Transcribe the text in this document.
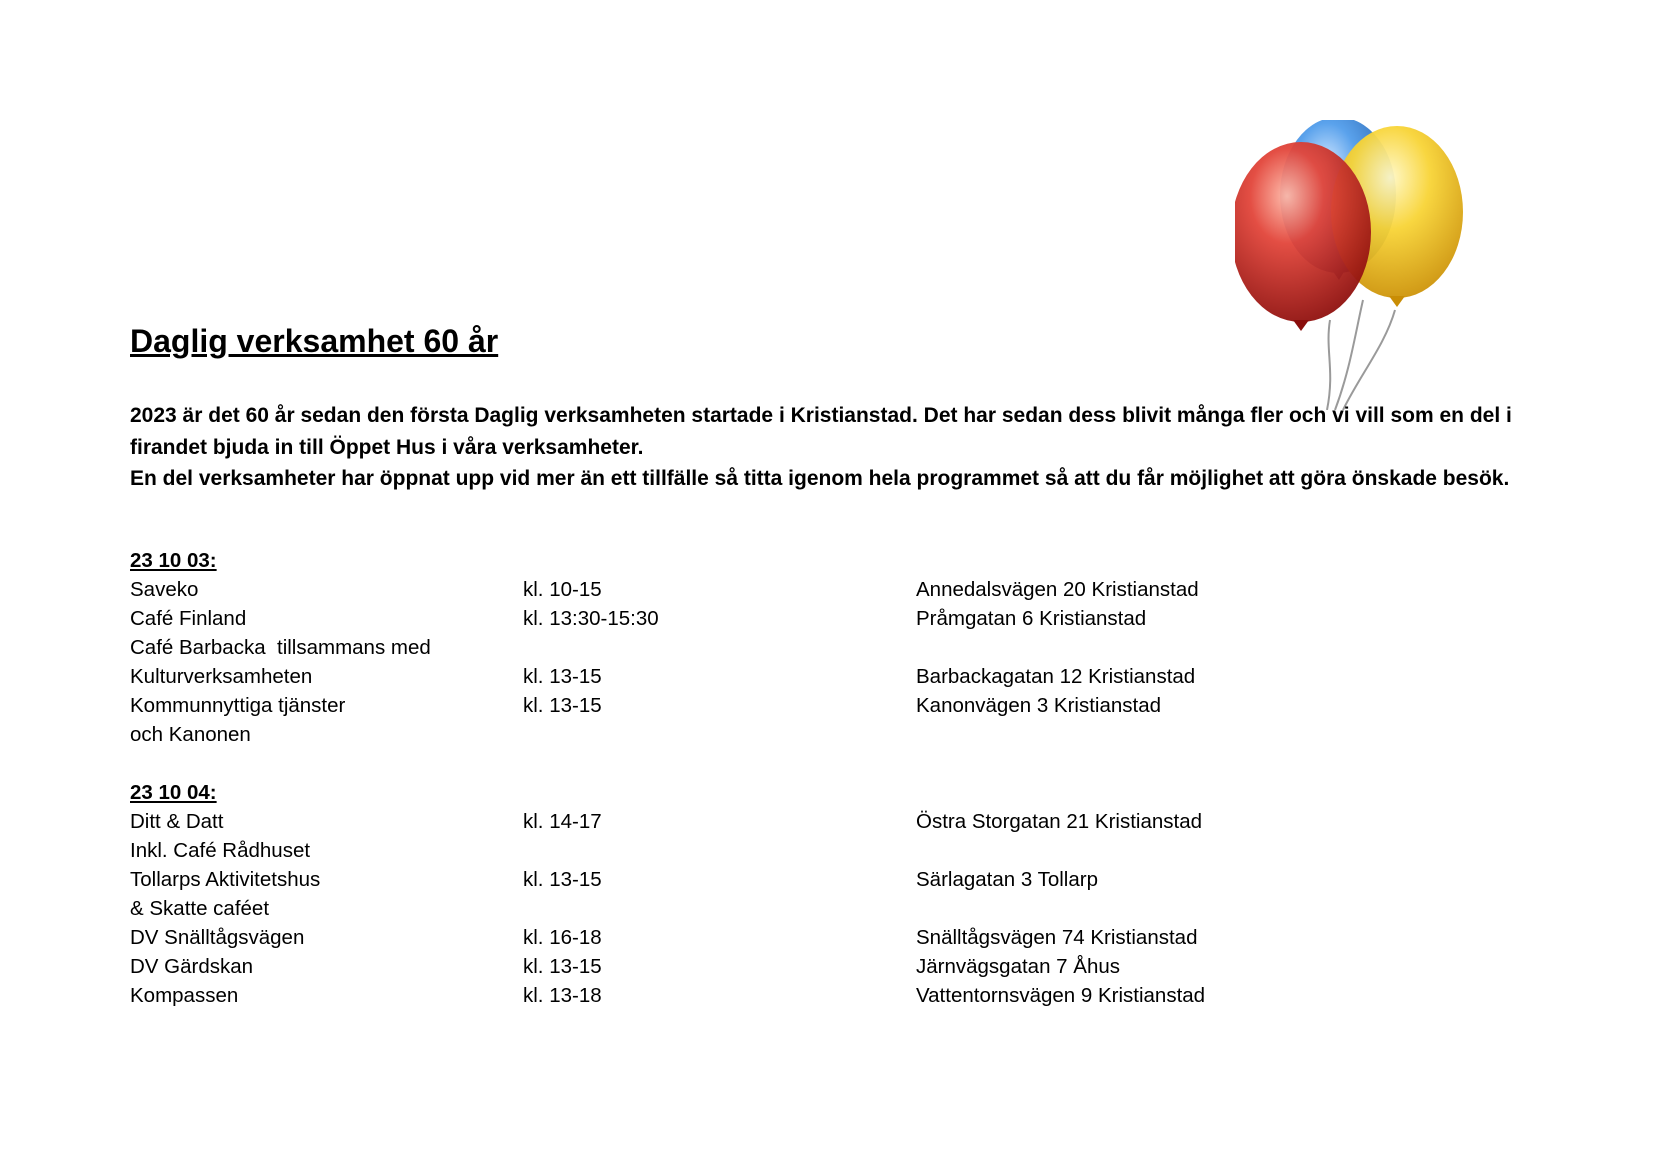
Daglig verksamhet 60 år

2023 är det 60 år sedan den första Daglig verksamheten startade i Kristianstad. Det har sedan dess blivit många fler och vi vill som en del i firandet bjuda in till Öppet Hus i våra verksamheter.

En del verksamheter har öppnat upp vid mer än ett tillfälle så titta igenom hela programmet så att du får möjlighet att göra önskade besök.

23 10 03:
Saveko	kl. 10-15	Annedalsvägen 20 Kristianstad
Café Finland	kl. 13:30-15:30	Pråmgatan 6 Kristianstad
Café Barbacka  tillsammans med
Kulturverksamheten	kl. 13-15	Barbackagatan 12 Kristianstad
Kommunnyttiga tjänster	kl. 13-15	Kanonvägen 3 Kristianstad
och Kanonen
23 10 04:
Ditt & Datt	kl. 14-17	Östra Storgatan 21 Kristianstad
Inkl. Café Rådhuset
Tollarps Aktivitetshus	kl. 13-15	Särlagatan 3 Tollarp
& Skatte caféet
DV Snälltågsvägen	kl. 16-18	Snälltågsvägen 74 Kristianstad
DV Gärdskan	kl. 13-15	Järnvägsgatan 7 Åhus
Kompassen	kl. 13-18	Vattentornsvägen 9 Kristianstad
